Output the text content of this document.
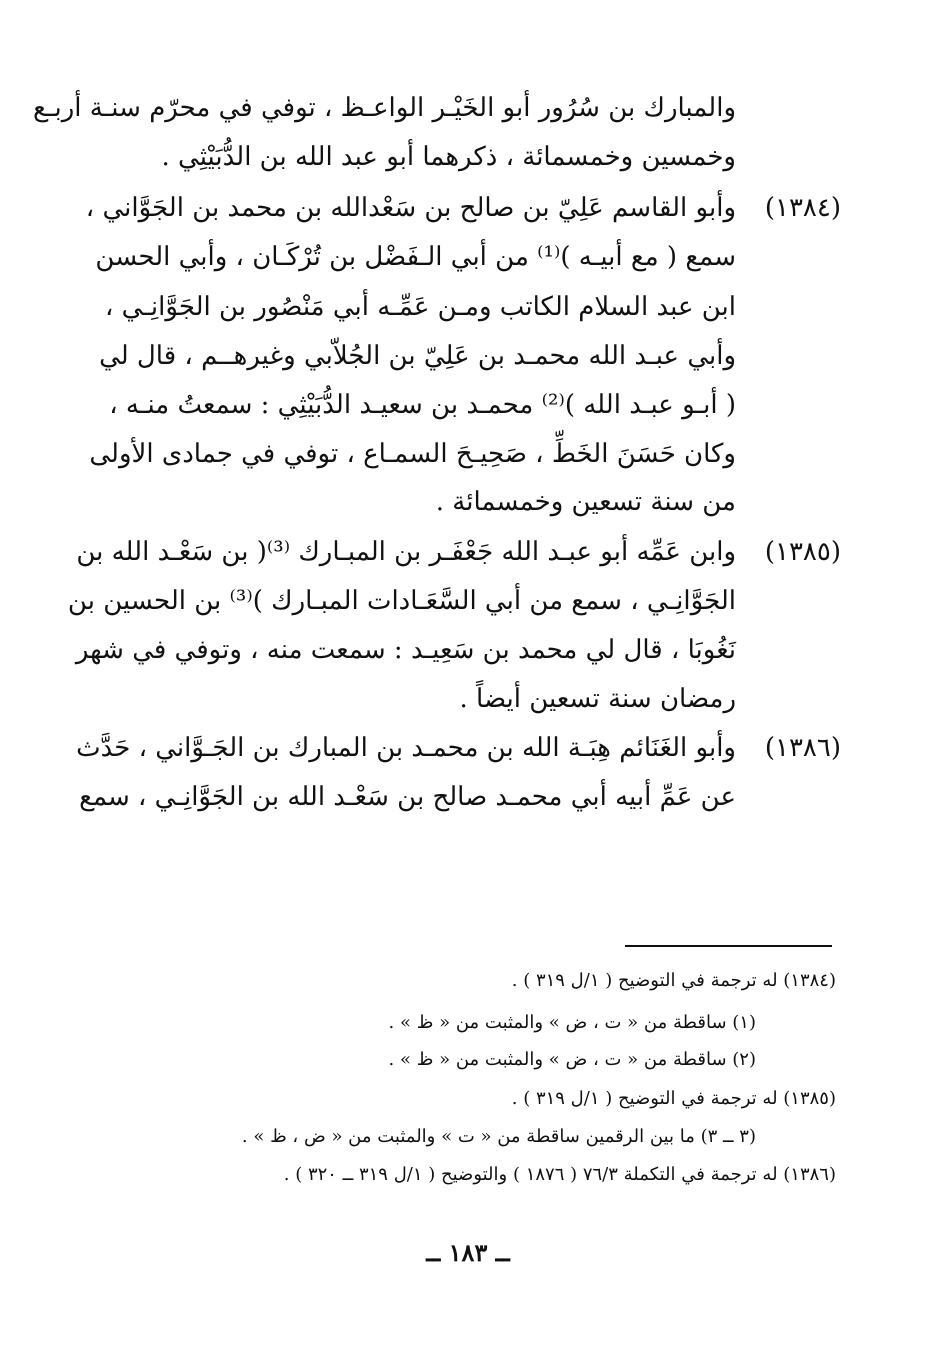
والمبارك بن سُرُور أبو الخَيْـر الواعـظ ، توفي في محرّم سنـة أربـع
وخمسين وخمسمائة ، ذكرهما أبو عبد الله بن الدُّبَيْثِي .
(١٣٨٤)
وأبو القاسم عَلِيّ بن صالح بن سَعْدالله بن محمد بن الجَوَّاني ،
سمع ( مع أبيـه )⁽¹⁾ من أبي الـفَضْل بن تُرْكَـان ، وأبي الحسن
ابن عبد السلام الكاتب ومـن عَمِّـه أبي مَنْصُور بن الجَوَّانِـي ،
وأبي عبـد الله محمـد بن عَلِيّ بن الجُلاّبي وغيرهــم ، قال لي
( أبـو عبـد الله )⁽²⁾ محمـد بن سعيـد الدُّبَيْثِي : سمعتُ منـه ،
وكان حَسَنَ الخَطِّ ، صَحِيـحَ السمـاع ، توفي في جمادى الأولى
من سنة تسعين وخمسمائة .
(١٣٨٥)
وابن عَمِّه أبو عبـد الله جَعْفَـر بن المبـارك ⁽³⁾( بن سَعْـد الله بن
الجَوَّانِـي ، سمع من أبي السَّعَـادات المبـارك )⁽³⁾ بن الحسين بن
نَغُوبَا ، قال لي محمد بن سَعِيـد : سمعت منه ، وتوفي في شهر
رمضان سنة تسعين أيضاً .
(١٣٨٦)
وأبو الغَنَائم هِبَـة الله بن محمـد بن المبارك بن الجَـوَّاني ، حَدَّث
عن عَمِّ أبيه أبي محمـد صالح بن سَعْـد الله بن الجَوَّانِـي ، سمع
(١٣٨٤) له ترجمة في التوضيح ( ١/ل ٣١٩ ) .
(١) ساقطة من « ت ، ض » والمثبت من « ظ » .
(٢) ساقطة من « ت ، ض » والمثبت من « ظ » .
(١٣٨٥) له ترجمة في التوضيح ( ١/ل ٣١٩ ) .
(٣ ــ ٣) ما بين الرقمين ساقطة من « ت » والمثبت من « ض ، ظ » .
(١٣٨٦) له ترجمة في التكملة ٧٦/٣ ( ١٨٧٦ ) والتوضيح ( ١/ل ٣١٩ ــ ٣٢٠ ) .
ــ ١٨٣ ــ
